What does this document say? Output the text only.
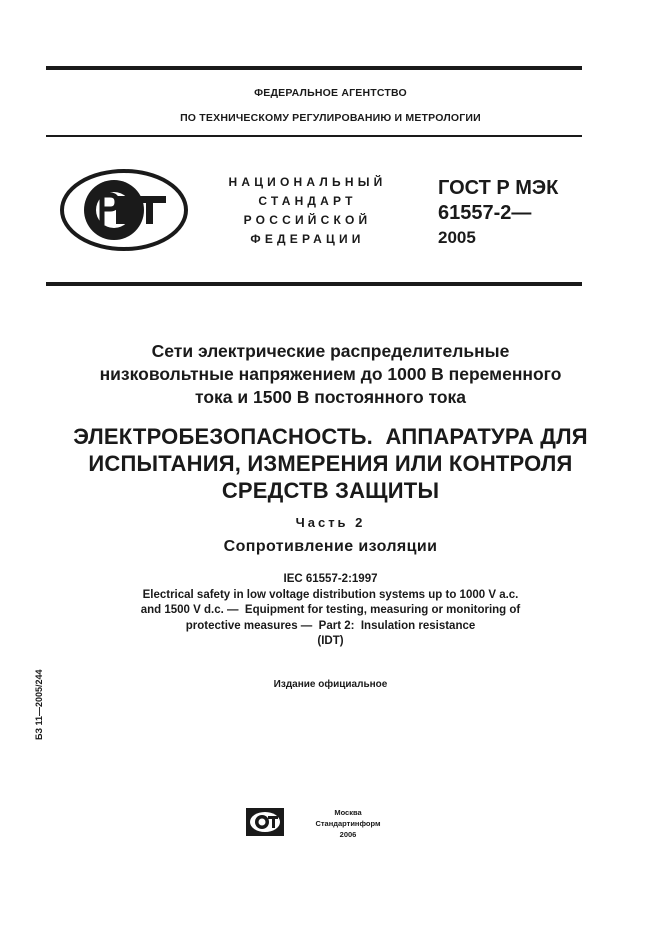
ФЕДЕРАЛЬНОЕ АГЕНТСТВО
ПО ТЕХНИЧЕСКОМУ РЕГУЛИРОВАНИЮ И МЕТРОЛОГИИ
НАЦИОНАЛЬНЫЙ
СТАНДАРТ
РОССИЙСКОЙ
ФЕДЕРАЦИИ
ГОСТ Р МЭК
61557-2—
2005
Сети электрические распределительные
низковольтные напряжением до 1000 В переменного
тока и 1500 В постоянного тока
ЭЛЕКТРОБЕЗОПАСНОСТЬ.  АППАРАТУРА ДЛЯ
ИСПЫТАНИЯ, ИЗМЕРЕНИЯ ИЛИ КОНТРОЛЯ
СРЕДСТВ ЗАЩИТЫ
Часть 2
Сопротивление изоляции
IEC 61557-2:1997
Electrical safety in low voltage distribution systems up to 1000 V a.c.
and 1500 V d.c. —  Equipment for testing, measuring or monitoring of
protective measures —  Part 2:  Insulation resistance
(IDT)
Издание официальное
БЗ 11—2005/244
Москва
Стандартинформ
2006
